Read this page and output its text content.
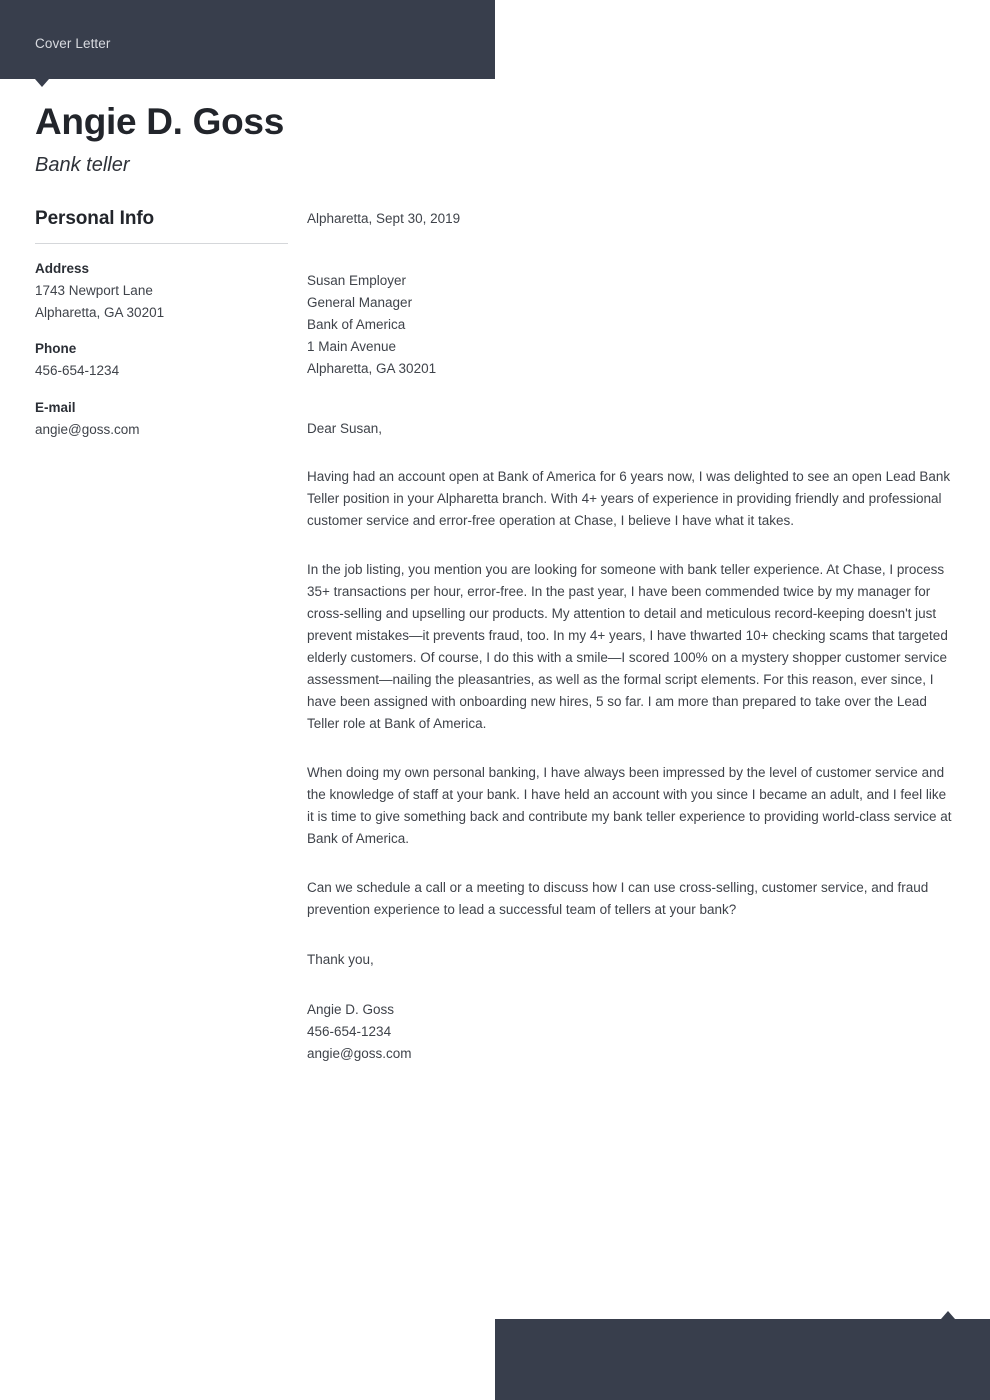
Cover Letter
Angie D. Goss
Bank teller
Personal Info
Address
1743 Newport Lane
Alpharetta, GA 30201
Phone
456-654-1234
E-mail
angie@goss.com

Alpharetta, Sept 30, 2019

Susan Employer
General Manager
Bank of America
1 Main Avenue
Alpharetta, GA 30201

Dear Susan,

Having had an account open at Bank of America for 6 years now, I was delighted to see an open Lead Bank Teller position in your Alpharetta branch. With 4+ years of experience in providing friendly and professional customer service and error-free operation at Chase, I believe I have what it takes.

In the job listing, you mention you are looking for someone with bank teller experience. At Chase, I process 35+ transactions per hour, error-free. In the past year, I have been commended twice by my manager for cross-selling and upselling our products. My attention to detail and meticulous record-keeping doesn't just prevent mistakes—it prevents fraud, too. In my 4+ years, I have thwarted 10+ checking scams that targeted elderly customers. Of course, I do this with a smile—I scored 100% on a mystery shopper customer service assessment—nailing the pleasantries, as well as the formal script elements. For this reason, ever since, I have been assigned with onboarding new hires, 5 so far. I am more than prepared to take over the Lead Teller role at Bank of America.

When doing my own personal banking, I have always been impressed by the level of customer service and the knowledge of staff at your bank. I have held an account with you since I became an adult, and I feel like it is time to give something back and contribute my bank teller experience to providing world-class service at Bank of America.

Can we schedule a call or a meeting to discuss how I can use cross-selling, customer service, and fraud prevention experience to lead a successful team of tellers at your bank?

Thank you,

Angie D. Goss
456-654-1234
angie@goss.com
